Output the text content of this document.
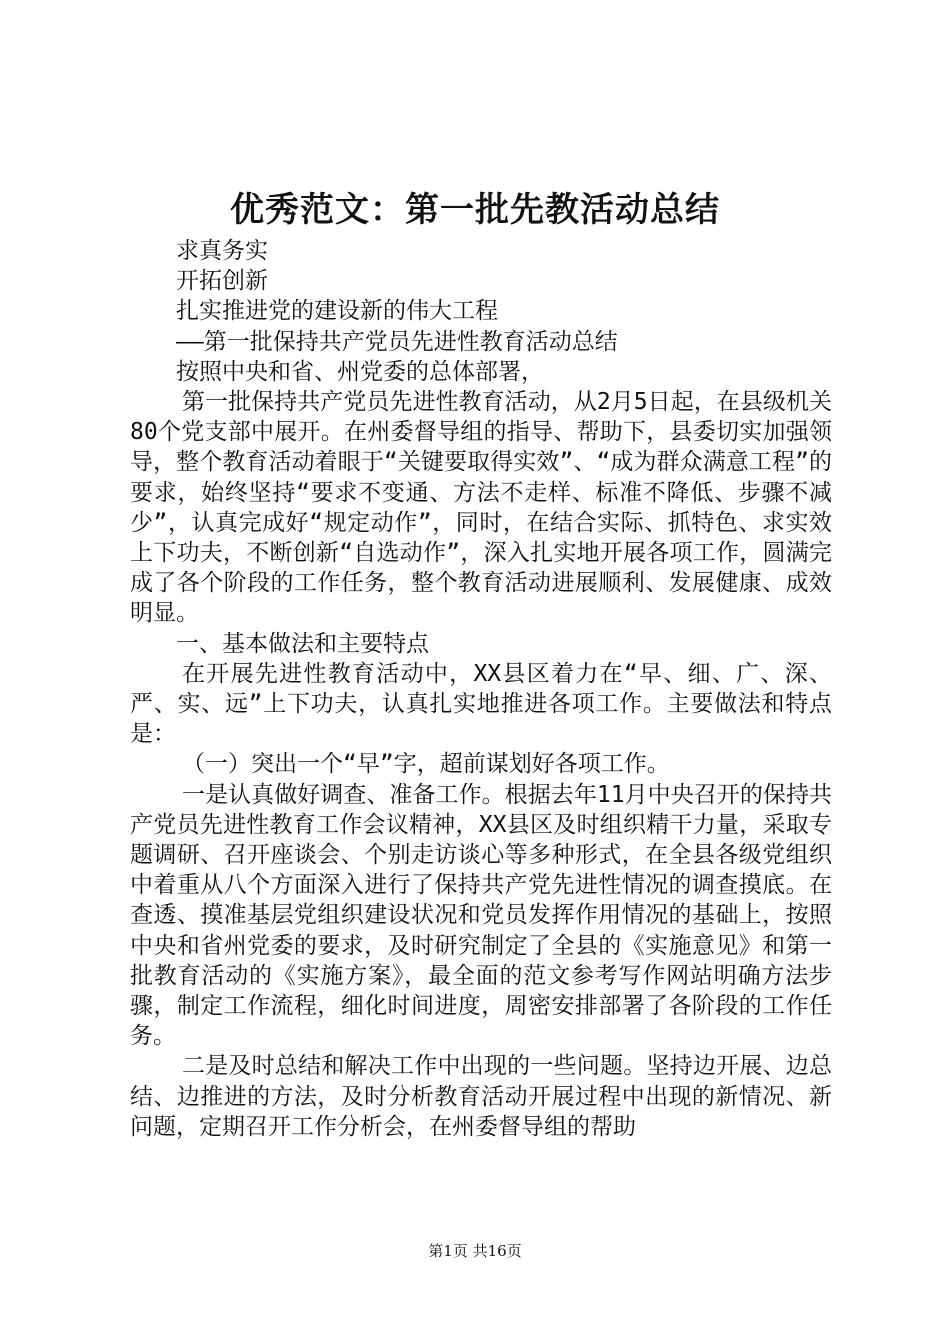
优秀范文：第一批先教活动总结

求真务实

开拓创新

扎实推进党的建设新的伟大工程

——第一批保持共产党员先进性教育活动总结

按照中央和省、州党委的总体部署，

第一批保持共产党员先进性教育活动，从2月5日起，在县级机关80个党支部中展开。在州委督导组的指导、帮助下，县委切实加强领导，整个教育活动着眼于“关键要取得实效”、“成为群众满意工程”的要求，始终坚持“要求不变通、方法不走样、标准不降低、步骤不减少”，认真完成好“规定动作”，同时，在结合实际、抓特色、求实效上下功夫，不断创新“自选动作”，深入扎实地开展各项工作，圆满完成了各个阶段的工作任务，整个教育活动进展顺利、发展健康、成效明显。

一、基本做法和主要特点

在开展先进性教育活动中，XX县区着力在“早、细、广、深、严、实、远”上下功夫，认真扎实地推进各项工作。主要做法和特点是：

（一）突出一个“早”字，超前谋划好各项工作。

一是认真做好调查、准备工作。根据去年11月中央召开的保持共产党员先进性教育工作会议精神，XX县区及时组织精干力量，采取专题调研、召开座谈会、个别走访谈心等多种形式，在全县各级党组织中着重从八个方面深入进行了保持共产党先进性情况的调查摸底。在查透、摸准基层党组织建设状况和党员发挥作用情况的基础上，按照中央和省州党委的要求，及时研究制定了全县的《实施意见》和第一批教育活动的《实施方案》，最全面的范文参考写作网站明确方法步骤，制定工作流程，细化时间进度，周密安排部署了各阶段的工作任务。

二是及时总结和解决工作中出现的一些问题。坚持边开展、边总结、边推进的方法，及时分析教育活动开展过程中出现的新情况、新问题，定期召开工作分析会，在州委督导组的帮助

第1页 共16页
